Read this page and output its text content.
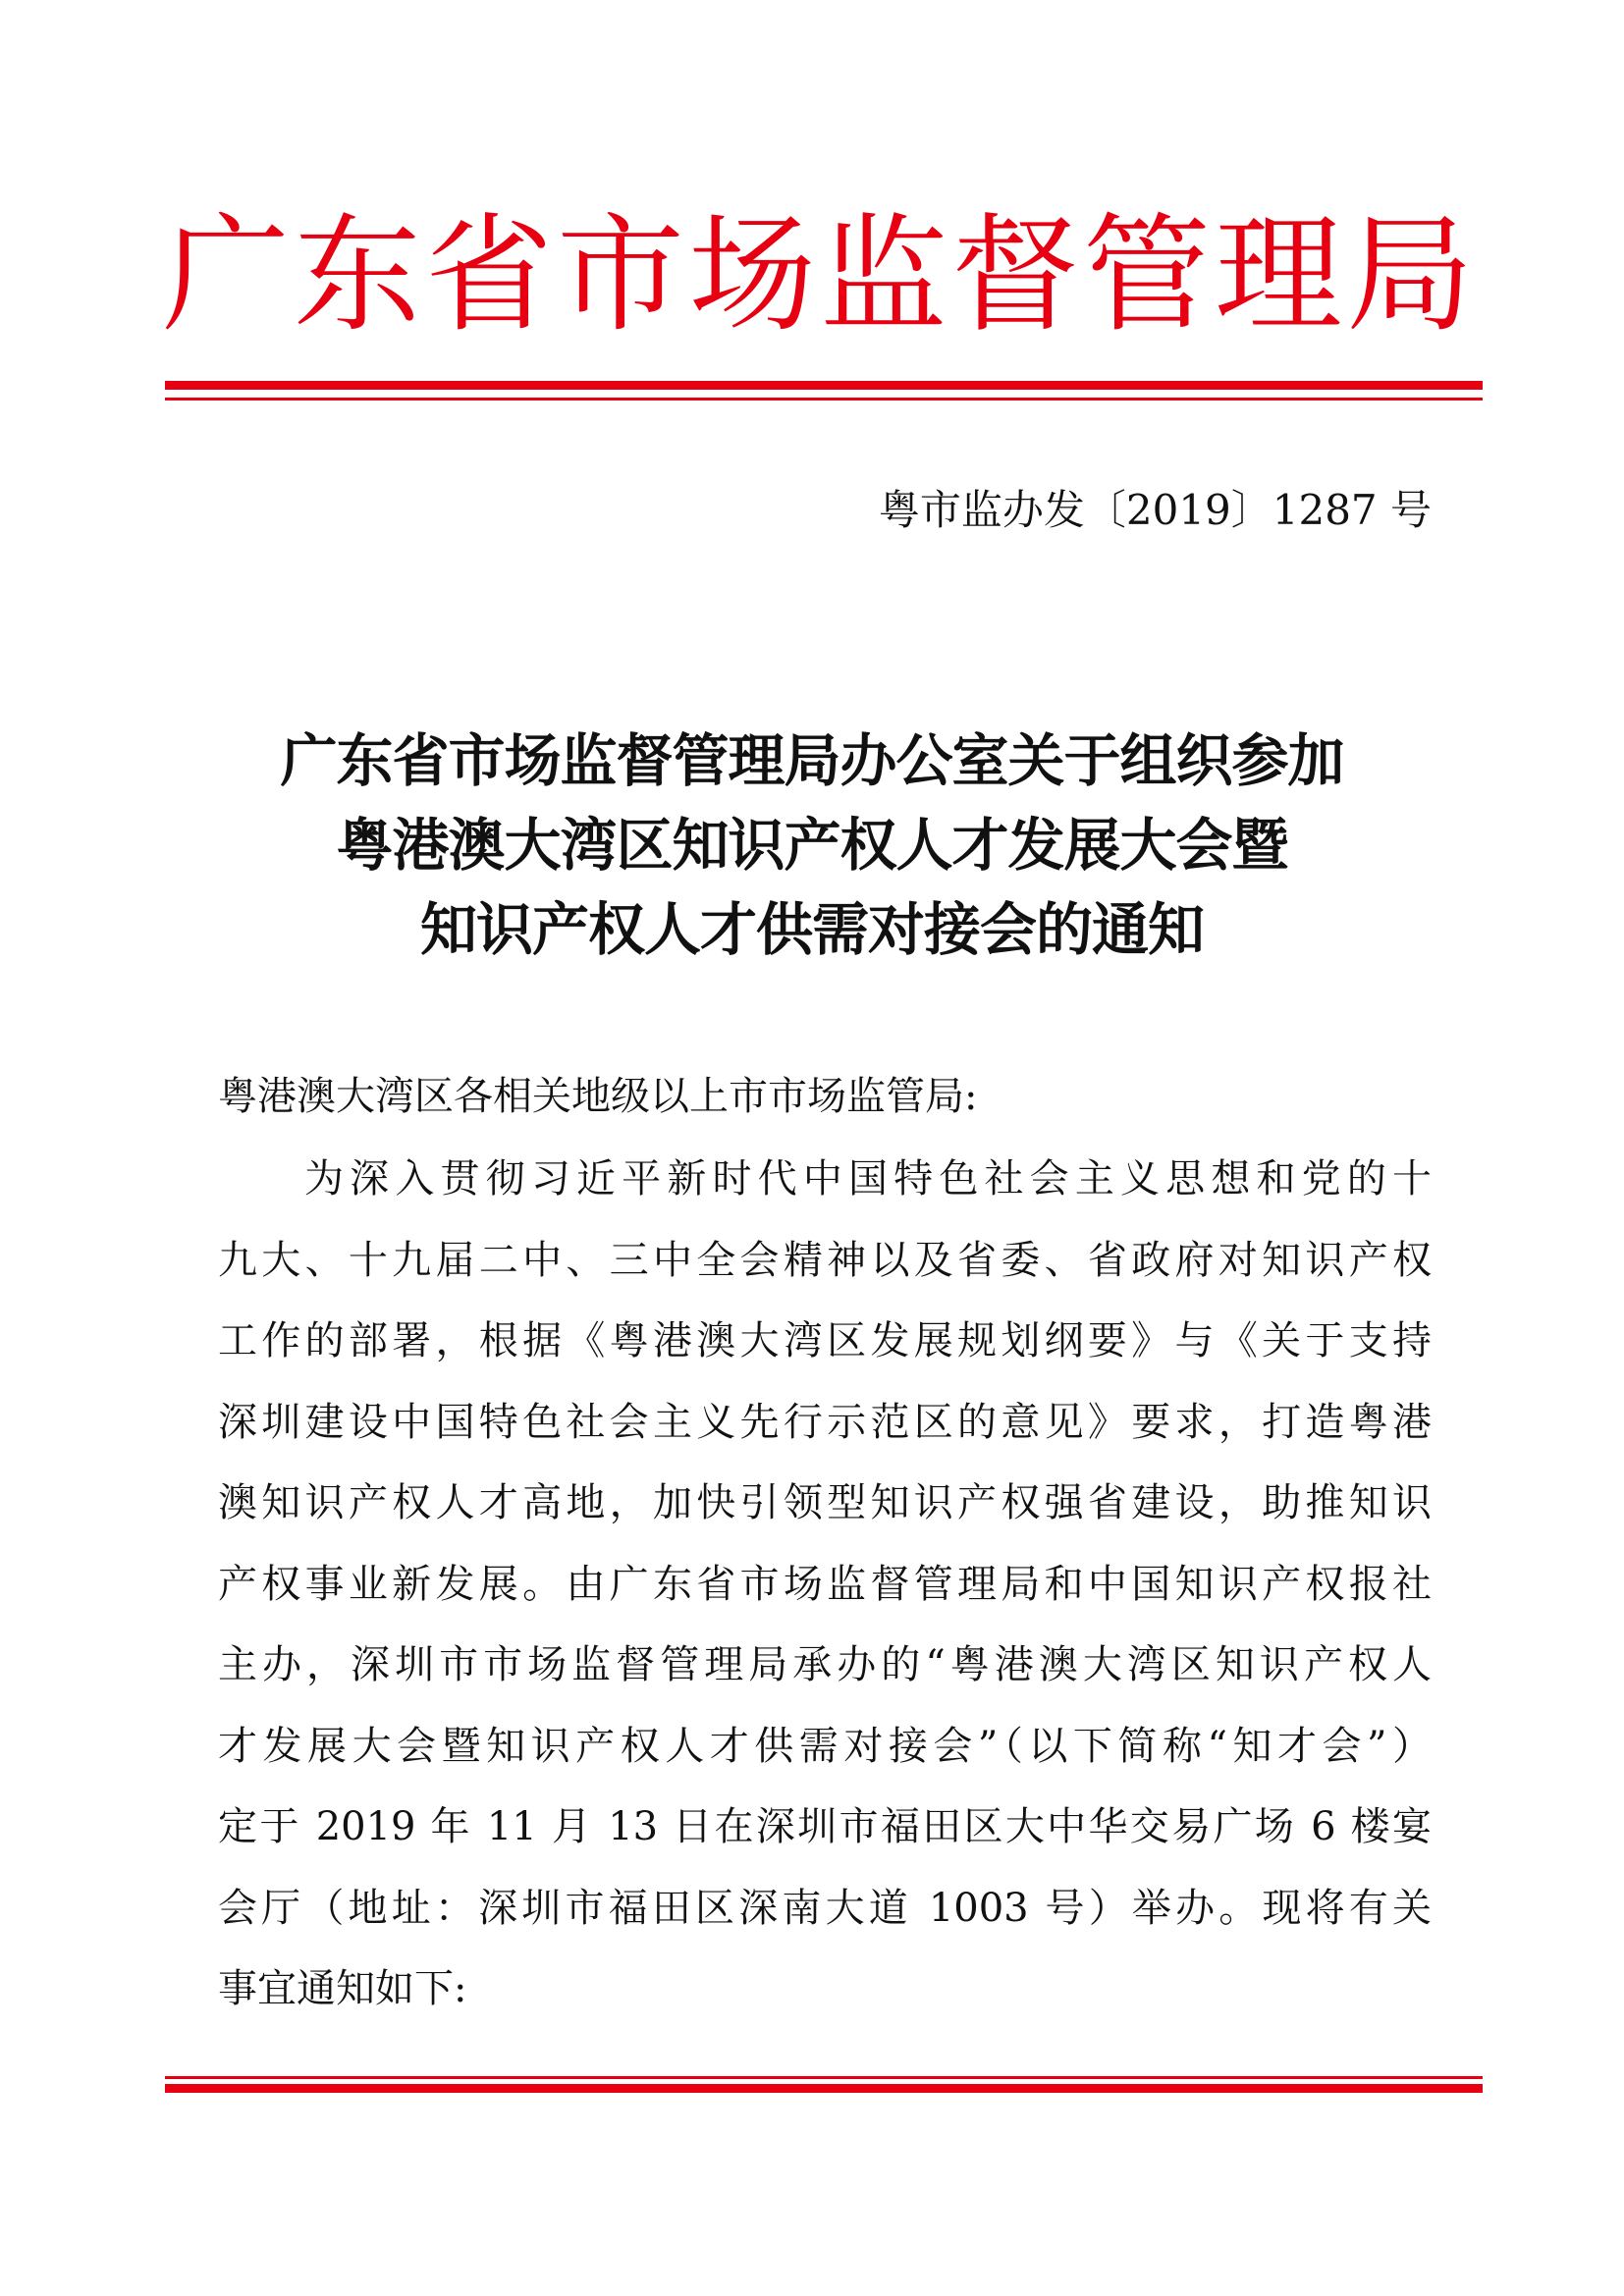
广东省市场监督管理局

粤市监办发〔2019〕1287 号

广东省市场监督管理局办公室关于组织参加
粤港澳大湾区知识产权人才发展大会暨
知识产权人才供需对接会的通知

粤港澳大湾区各相关地级以上市市场监管局:

为深入贯彻习近平新时代中国特色社会主义思想和党的十
九大、十九届二中、三中全会精神以及省委、省政府对知识产权
工作的部署，根据《粤港澳大湾区发展规划纲要》与《关于支持
深圳建设中国特色社会主义先行示范区的意见》要求，打造粤港
澳知识产权人才高地，加快引领型知识产权强省建设，助推知识
产权事业新发展。由广东省市场监督管理局和中国知识产权报社
主办，深圳市市场监督管理局承办的“粤港澳大湾区知识产权人
才发展大会暨知识产权人才供需对接会”（以下简称“知才会”）
定于 2019 年 11 月 13 日在深圳市福田区大中华交易广场 6 楼宴
会厅（地址：深圳市福田区深南大道 1003 号）举办。现将有关
事宜通知如下:
